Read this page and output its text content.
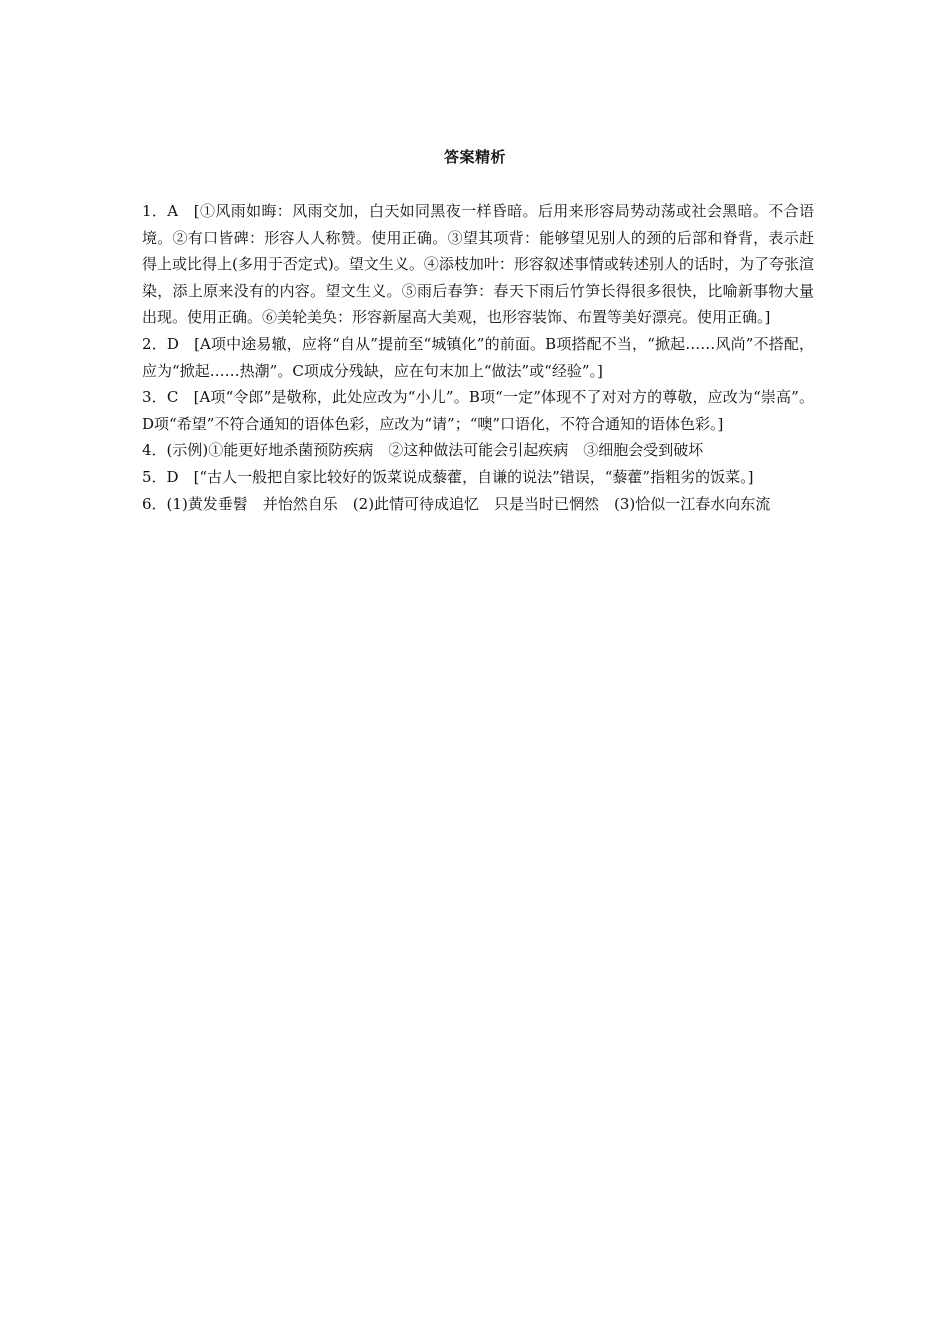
答案精析
1．A　[①风雨如晦：风雨交加，白天如同黑夜一样昏暗。后用来形容局势动荡或社会黑暗。不合语境。②有口皆碑：形容人人称赞。使用正确。③望其项背：能够望见别人的颈的后部和脊背，表示赶得上或比得上(多用于否定式)。望文生义。④添枝加叶：形容叙述事情或转述别人的话时，为了夸张渲染，添上原来没有的内容。望文生义。⑤雨后春笋：春天下雨后竹笋长得很多很快，比喻新事物大量出现。使用正确。⑥美轮美奂：形容新屋高大美观，也形容装饰、布置等美好漂亮。使用正确。]
2．D　[A项中途易辙，应将“自从”提前至“城镇化”的前面。B项搭配不当，“掀起……风尚”不搭配，应为“掀起……热潮”。C项成分残缺，应在句末加上“做法”或“经验”。]
3．C　[A项“令郎”是敬称，此处应改为“小儿”。B项“一定”体现不了对对方的尊敬，应改为“崇高”。D项“希望”不符合通知的语体色彩，应改为“请”；“噢”口语化，不符合通知的语体色彩。]
4．(示例)①能更好地杀菌预防疾病　②这种做法可能会引起疾病　③细胞会受到破坏
5．D　[“古人一般把自家比较好的饭菜说成藜藿，自谦的说法”错误，“藜藿”指粗劣的饭菜。]
6．(1)黄发垂髫　并怡然自乐　(2)此情可待成追忆　只是当时已惘然　(3)恰似一江春水向东流
